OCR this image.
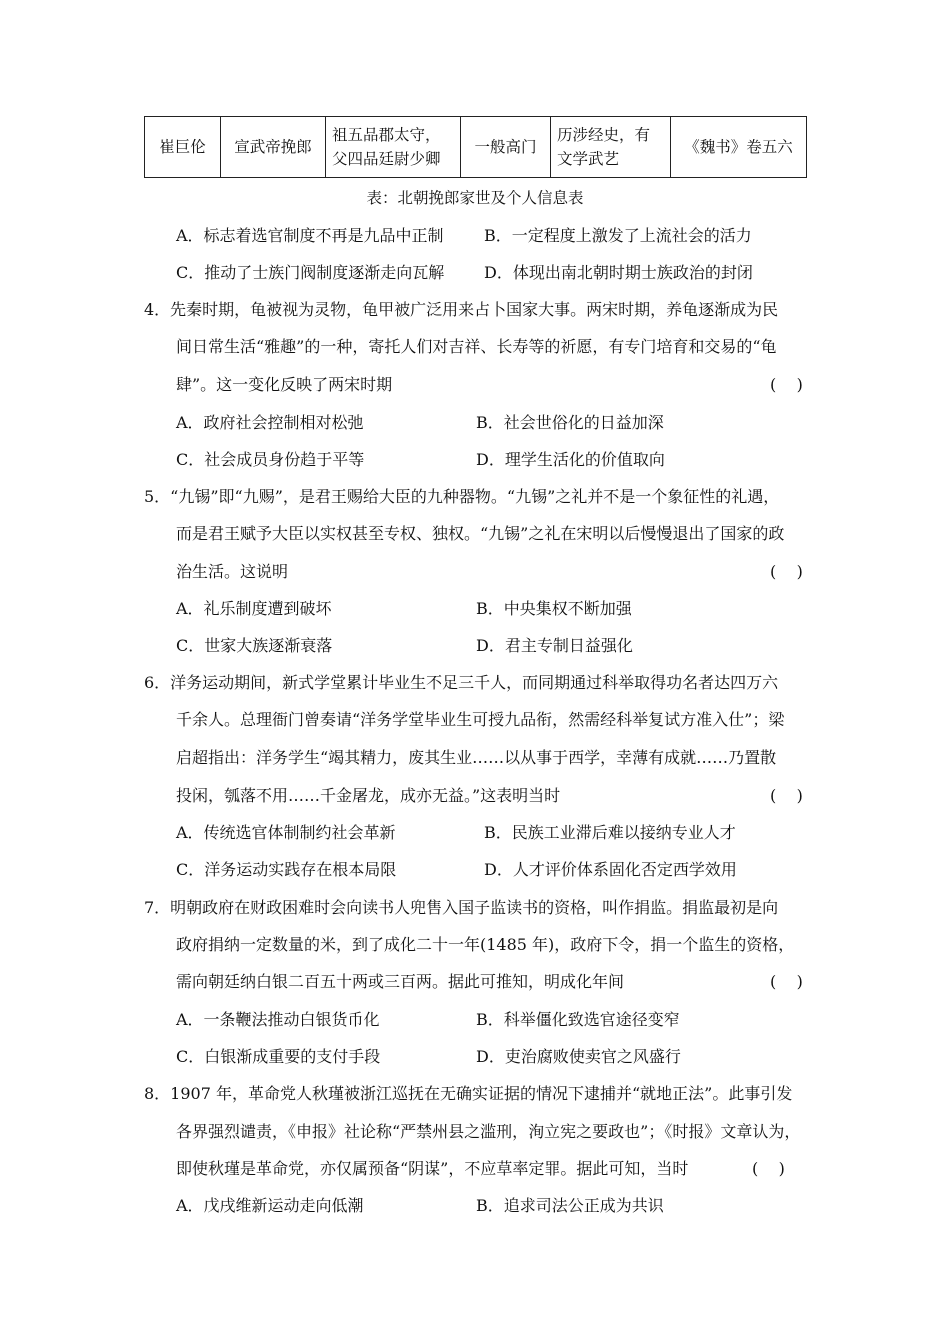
崔巨伦	宣武帝挽郎	祖五品郡太守，父四品廷尉少卿	一般高门	历涉经史，有文学武艺	《魏书》卷五六
表：北朝挽郎家世及个人信息表
A．标志着选官制度不再是九品中正制	B．一定程度上激发了上流社会的活力
C．推动了士族门阀制度逐渐走向瓦解 D．体现出南北朝时期士族政治的封闭
4．先秦时期，龟被视为灵物，龟甲被广泛用来占卜国家大事。两宋时期，养龟逐渐成为民
间日常生活“雅趣”的一种，寄托人们对吉祥、长寿等的祈愿，有专门培育和交易的“龟
肆”。这一变化反映了两宋时期	(    )
A．政府社会控制相对松弛	B．社会世俗化的日益加深
C．社会成员身份趋于平等	D．理学生活化的价值取向
5．“九锡”即“九赐”，是君王赐给大臣的九种器物。“九锡”之礼并不是一个象征性的礼遇，
而是君王赋予大臣以实权甚至专权、独权。“九锡”之礼在宋明以后慢慢退出了国家的政
治生活。这说明	(    )
A．礼乐制度遭到破坏	B．中央集权不断加强
C．世家大族逐渐衰落	D．君主专制日益强化
6．洋务运动期间，新式学堂累计毕业生不足三千人，而同期通过科举取得功名者达四万六
千余人。总理衙门曾奏请“洋务学堂毕业生可授九品衔，然需经科举复试方准入仕”；梁
启超指出：洋务学生“竭其精力，废其生业……以从事于西学，幸薄有成就……乃置散
投闲，瓠落不用……千金屠龙，成亦无益。”这表明当时	(    )
A．传统选官体制制约社会革新	B．民族工业滞后难以接纳专业人才
C．洋务运动实践存在根本局限	D．人才评价体系固化否定西学效用
7．明朝政府在财政困难时会向读书人兜售入国子监读书的资格，叫作捐监。捐监最初是向
政府捐纳一定数量的米，到了成化二十一年(1485 年)，政府下令，捐一个监生的资格，
需向朝廷纳白银二百五十两或三百两。据此可推知，明成化年间	(    )
A．一条鞭法推动白银货币化	B．科举僵化致选官途径变窄
C．白银渐成重要的支付手段	D．吏治腐败使卖官之风盛行
8．1907 年，革命党人秋瑾被浙江巡抚在无确实证据的情况下逮捕并“就地正法”。此事引发
各界强烈谴责，《申报》社论称“严禁州县之滥刑，洵立宪之要政也”；《时报》文章认为，
即使秋瑾是革命党，亦仅属预备“阴谋”，不应草率定罪。据此可知，当时	(    )
A．戊戌维新运动走向低潮	B．追求司法公正成为共识
